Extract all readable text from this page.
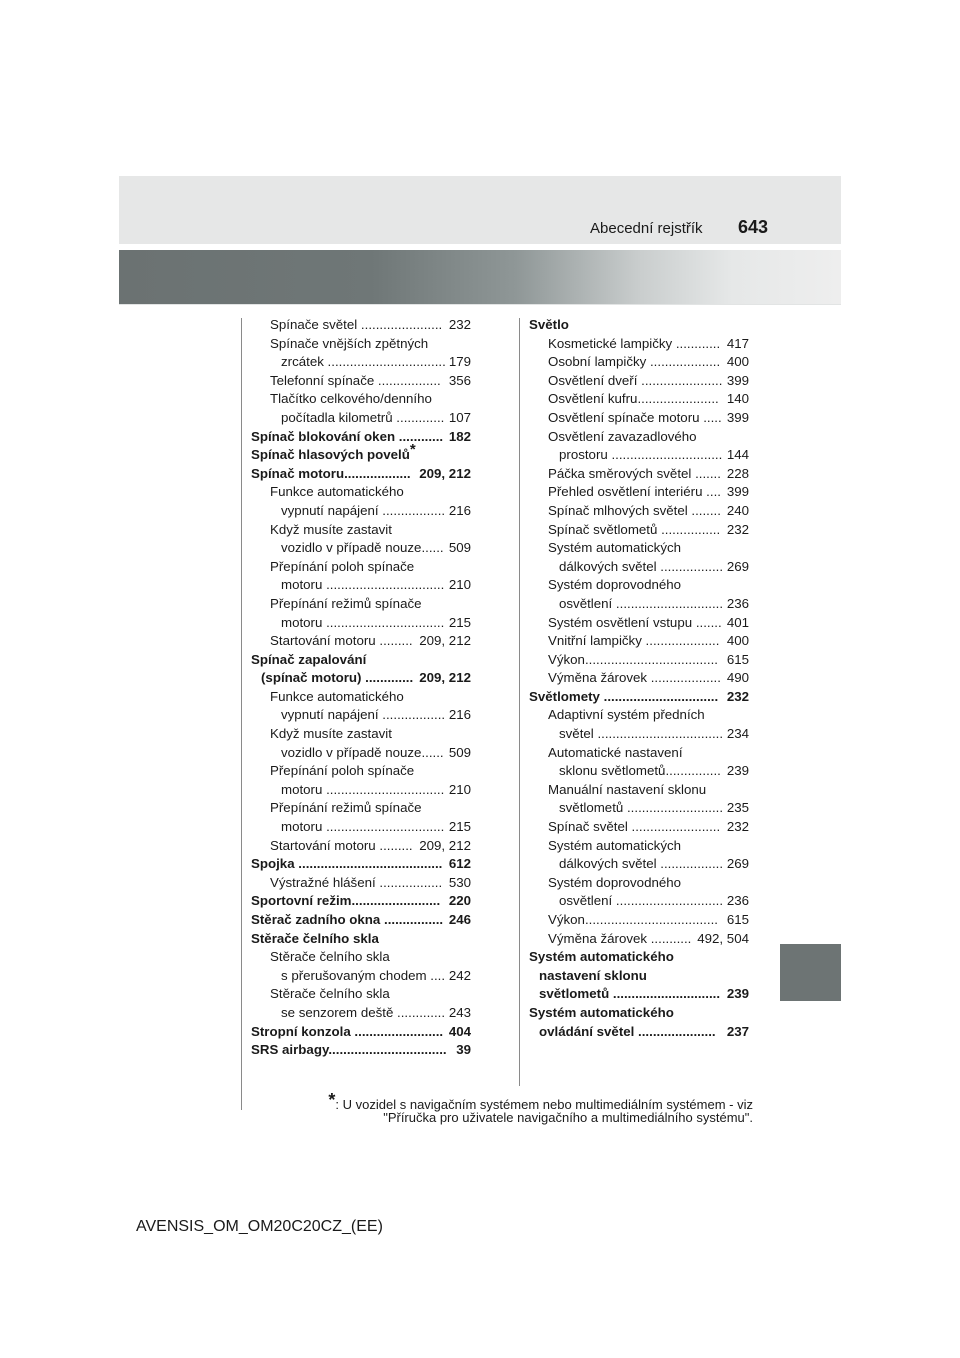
Abecední rejstřík 643
Spínače světel ...................... 232
Spínače vnějších zpětných
zrcátek ................................ 179
Telefonní spínače ................. 356
Tlačítko celkového/denního
počítadla kilometrů ............. 107
Spínač blokování oken ............ 182
Spínač hlasových povelů*
Spínač motoru.................. 209, 212
Funkce automatického
vypnutí napájení ................. 216
Když musíte zastavit
vozidlo v případě nouze...... 509
Přepínání poloh spínače
motoru ................................ 210
Přepínání režimů spínače
motoru ................................ 215
Startování motoru ......... 209, 212
Spínač zapalování
(spínač motoru) ............. 209, 212
Funkce automatického
vypnutí napájení ................. 216
Když musíte zastavit
vozidlo v případě nouze...... 509
Přepínání poloh spínače
motoru ................................ 210
Přepínání režimů spínače
motoru ................................ 215
Startování motoru ......... 209, 212
Spojka ....................................... 612
Výstražné hlášení ................. 530
Sportovní režim........................ 220
Stěrač zadního okna ................ 246
Stěrače čelního skla
Stěrače čelního skla
s přerušovaným chodem .... 242
Stěrače čelního skla
se senzorem deště ............. 243
Stropní konzola ........................ 404
SRS airbagy................................ 39
Světlo
Kosmetické lampičky ............ 417
Osobní lampičky ................... 400
Osvětlení dveří ...................... 399
Osvětlení kufru...................... 140
Osvětlení spínače motoru ..... 399
Osvětlení zavazadlového
prostoru .............................. 144
Páčka směrových světel ....... 228
Přehled osvětlení interiéru .... 399
Spínač mlhových světel ........ 240
Spínač světlometů ................ 232
Systém automatických
dálkových světel ................. 269
Systém doprovodného
osvětlení ............................. 236
Systém osvětlení vstupu ....... 401
Vnitřní lampičky .................... 400
Výkon.................................... 615
Výměna žárovek ................... 490
Světlomety ............................... 232
Adaptivní systém předních
světel .................................. 234
Automatické nastavení
sklonu světlometů............... 239
Manuální nastavení sklonu
světlometů .......................... 235
Spínač světel ........................ 232
Systém automatických
dálkových světel ................. 269
Systém doprovodného
osvětlení ............................. 236
Výkon.................................... 615
Výměna žárovek ........... 492, 504
Systém automatického
nastavení sklonu
světlometů ............................. 239
Systém automatického
ovládání světel ..................... 237
*: U vozidel s navigačním systémem nebo multimediálním systémem - viz
"Příručka pro uživatele navigačního a multimediálního systému".
AVENSIS_OM_OM20C20CZ_(EE)
